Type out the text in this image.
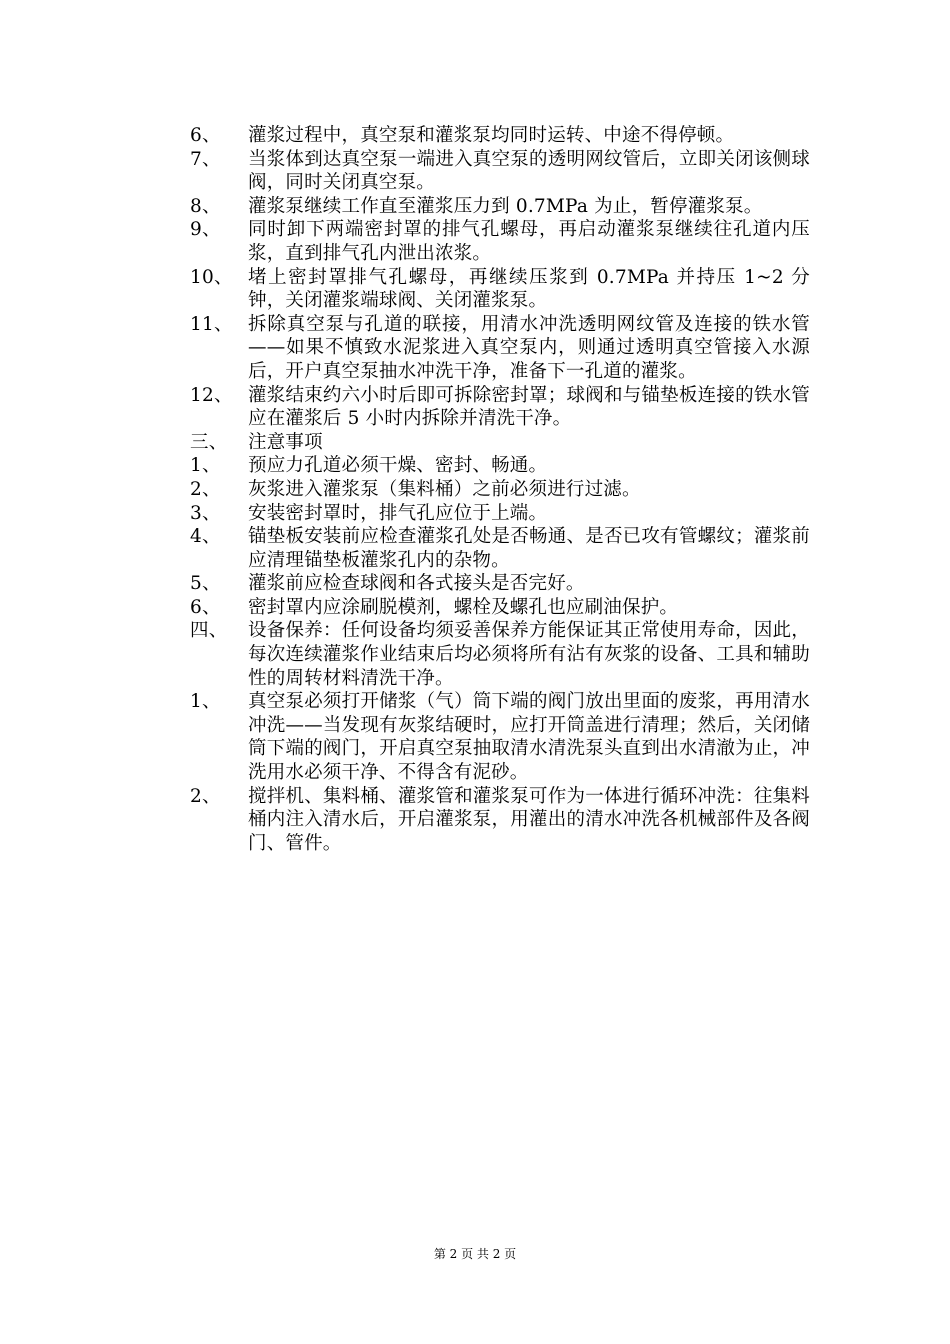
6、	灌浆过程中，真空泵和灌浆泵均同时运转、中途不得停顿。
7、	当浆体到达真空泵一端进入真空泵的透明网纹管后，立即关闭该侧球阀，同时关闭真空泵。
8、	灌浆泵继续工作直至灌浆压力到 0.7MPa 为止，暂停灌浆泵。
9、	同时卸下两端密封罩的排气孔螺母，再启动灌浆泵继续往孔道内压浆，直到排气孔内泄出浓浆。
10、 堵上密封罩排气孔螺母，再继续压浆到 0.7MPa 并持压 1~2 分钟，关闭灌浆端球阀、关闭灌浆泵。
11、 拆除真空泵与孔道的联接，用清水冲洗透明网纹管及连接的铁水管——如果不慎致水泥浆进入真空泵内，则通过透明真空管接入水源后，开户真空泵抽水冲洗干净，准备下一孔道的灌浆。
12、 灌浆结束约六小时后即可拆除密封罩；球阀和与锚垫板连接的铁水管应在灌浆后 5 小时内拆除并清洗干净。
三、	注意事项
1、	预应力孔道必须干燥、密封、畅通。
2、	灰浆进入灌浆泵（集料桶）之前必须进行过滤。
3、	安装密封罩时，排气孔应位于上端。
4、	锚垫板安装前应检查灌浆孔处是否畅通、是否已攻有管螺纹；灌浆前应清理锚垫板灌浆孔内的杂物。
5、	灌浆前应检查球阀和各式接头是否完好。
6、	密封罩内应涂刷脱模剂，螺栓及螺孔也应刷油保护。
四、	设备保养：任何设备均须妥善保养方能保证其正常使用寿命，因此，每次连续灌浆作业结束后均必须将所有沾有灰浆的设备、工具和辅助性的周转材料清洗干净。
1、	真空泵必须打开储浆（气）筒下端的阀门放出里面的废浆，再用清水冲洗——当发现有灰浆结硬时，应打开筒盖进行清理；然后，关闭储筒下端的阀门，开启真空泵抽取清水清洗泵头直到出水清澈为止，冲洗用水必须干净、不得含有泥砂。
2、	搅拌机、集料桶、灌浆管和灌浆泵可作为一体进行循环冲洗：往集料桶内注入清水后，开启灌浆泵，用灌出的清水冲洗各机械部件及各阀门、管件。
第 2 页 共 2 页
